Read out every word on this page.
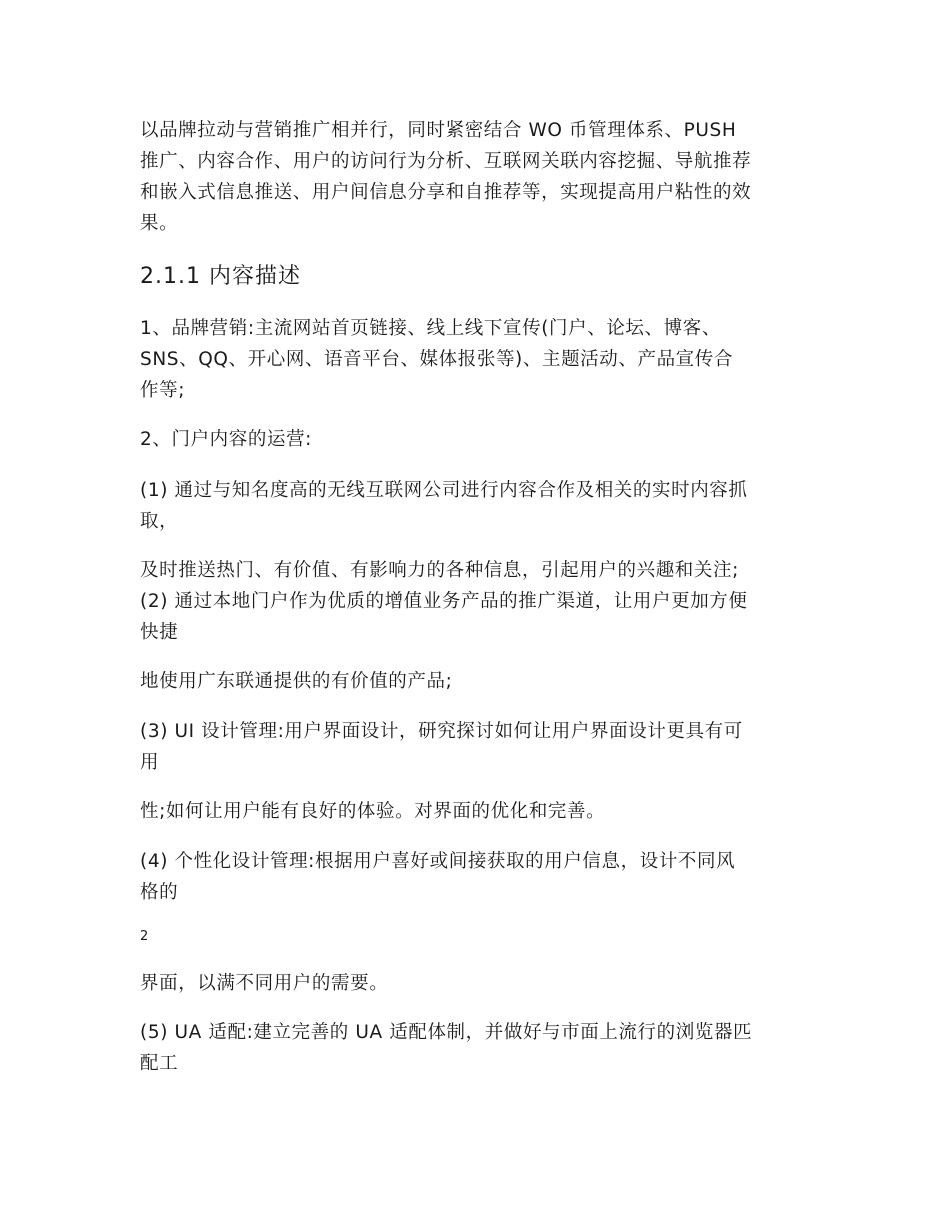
以品牌拉动与营销推广相并行，同时紧密结合 WO 币管理体系、PUSH
推广、内容合作、用户的访问行为分析、互联网关联内容挖掘、导航推荐
和嵌入式信息推送、用户间信息分享和自推荐等，实现提高用户粘性的效
果。
2.1.1 内容描述
1、品牌营销:主流网站首页链接、线上线下宣传(门户、论坛、博客、
SNS、QQ、开心网、语音平台、媒体报张等)、主题活动、产品宣传合
作等;
2、门户内容的运营:
(1) 通过与知名度高的无线互联网公司进行内容合作及相关的实时内容抓
取，
及时推送热门、有价值、有影响力的各种信息，引起用户的兴趣和关注;
(2) 通过本地门户作为优质的增值业务产品的推广渠道，让用户更加方便
快捷
地使用广东联通提供的有价值的产品;
(3) UI 设计管理:用户界面设计，研究探讨如何让用户界面设计更具有可
用
性;如何让用户能有良好的体验。对界面的优化和完善。
(4) 个性化设计管理:根据用户喜好或间接获取的用户信息，设计不同风
格的
2
界面，以满不同用户的需要。
(5) UA 适配:建立完善的 UA 适配体制，并做好与市面上流行的浏览器匹
配工
